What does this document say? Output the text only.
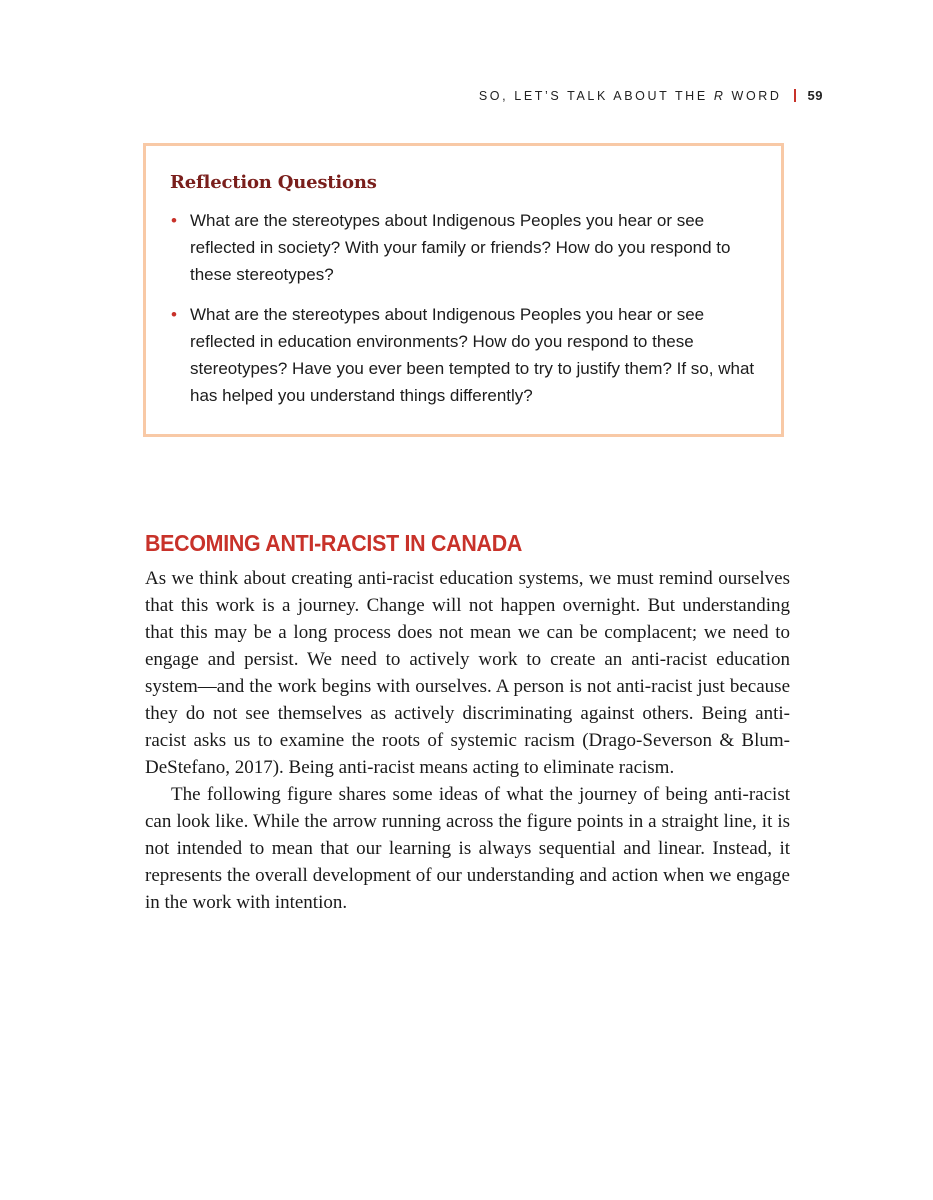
SO, LET’S TALK ABOUT THE R WORD 59
Reflection Questions
• What are the stereotypes about Indigenous Peoples you hear or see reflected in society? With your family or friends? How do you respond to these stereotypes?
• What are the stereotypes about Indigenous Peoples you hear or see reflected in education environments? How do you respond to these stereotypes? Have you ever been tempted to try to justify them? If so, what has helped you understand things differently?
BECOMING ANTI-RACIST IN CANADA

As we think about creating anti-racist education systems, we must remind ourselves that this work is a journey. Change will not happen overnight. But understanding that this may be a long process does not mean we can be complacent; we need to engage and persist. We need to actively work to create an anti-racist education system—and the work begins with ourselves. A person is not anti-racist just because they do not see themselves as actively discriminating against others. Being anti-racist asks us to examine the roots of systemic racism (Drago-Severson & Blum-DeStefano, 2017). Being anti-racist means acting to eliminate racism.

The following figure shares some ideas of what the journey of being anti-racist can look like. While the arrow running across the figure points in a straight line, it is not intended to mean that our learning is always sequential and linear. Instead, it represents the overall development of our understanding and action when we engage in the work with intention.
